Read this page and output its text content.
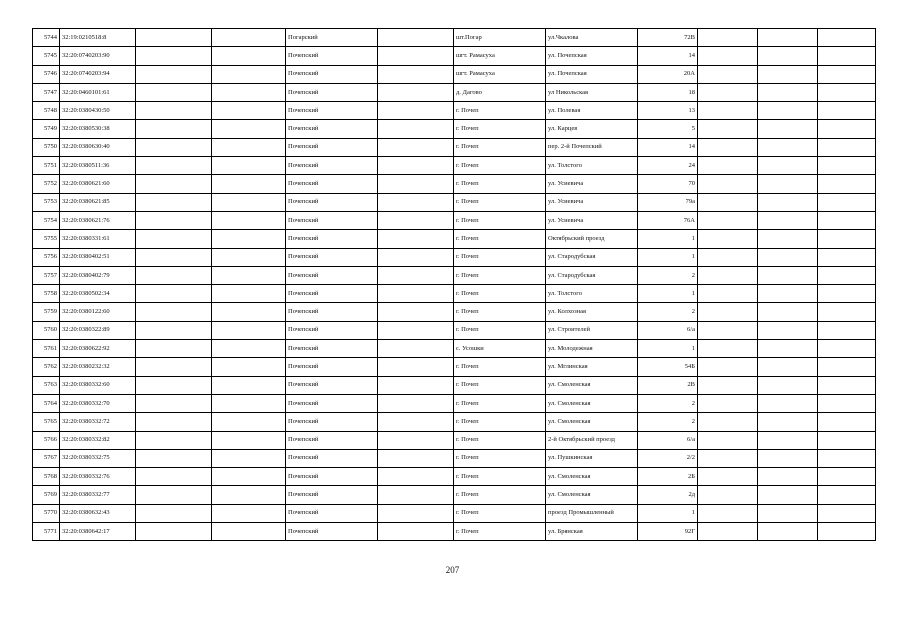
5744	32:19:0210518:8			Погарский		шт.Погар	ул.Чкалова	72В			
5745	32:20:0740203:90			Почепский		шгт. Рамасуха	ул. Почепская	14			
5746	32:20:0740203:94			Почепский		шгт. Рамасуха	ул. Почепская	20А			
5747	32:20:0460101:61			Почепский		д. Дагово	ул Никольская	18			
5748	32:20:0380430:50			Почепский		г. Почеп	ул. Полевая	13			
5749	32:20:0380530:38			Почепский		г. Почеп	ул. Карцев	5			
5750	32:20:0380630:40			Почепский		г. Почеп	пер. 2-й Почепский	14			
5751	32:20:0380511:36			Почепский		г. Почеп	ул. Толстого	24			
5752	32:20:0380621:60			Почепский		г. Почеп	ул. Усиевича	70			
5753	32:20:0380621:85			Почепский		г. Почеп	ул. Усиевича	79а			
5754	32:20:0380621:76			Почепский		г. Почеп	ул. Усиевича	76А			
5755	32:20:0380331:61			Почепский		г. Почеп	Октябрьский проезд	1			
5756	32:20:0380402:51			Почепский		г. Почеп	ул. Стародубская	1			
5757	32:20:0380402:79			Почепский		г. Почеп	ул. Стародубская	2			
5758	32:20:0380502:34			Почепский		г. Почеп	ул. Толстого	1			
5759	32:20:0380122:60			Почепский		г. Почеп	ул. Колхозная	2			
5760	32:20:0380322:89			Почепский		г. Почеп	ул. Строителей	6/а			
5761	32:20:0380622:92			Почепский		с. Усошки	ул. Молодежная	1			
5762	32:20:0380232:32			Почепский		г. Почеп	ул. Мглинская	54Б			
5763	32:20:0380332:60			Почепский		г. Почеп	ул. Смоленская	2В			
5764	32:20:0380332:70			Почепский		г. Почеп	ул. Смоленская	2			
5765	32:20:0380332:72			Почепский		г. Почеп	ул. Смоленская	2			
5766	32:20:0380332:82			Почепский		г. Почеп	2-й Октябрьский проезд	6/а			
5767	32:20:0380332:75			Почепский		г. Почеп	ул. Пушкинская	2/2			
5768	32:20:0380332:76			Почепский		г. Почеп	ул. Смоленская	2Б			
5769	32:20:0380332:77			Почепский		г. Почеп	ул. Смоленская	2д			
5770	32:20:0380632:43			Почепский		г. Почеп	проезд Промышленный	1			
5771	32:20:0380642:17			Почепский		г. Почеп	ул. Брянская	92Г			
207
